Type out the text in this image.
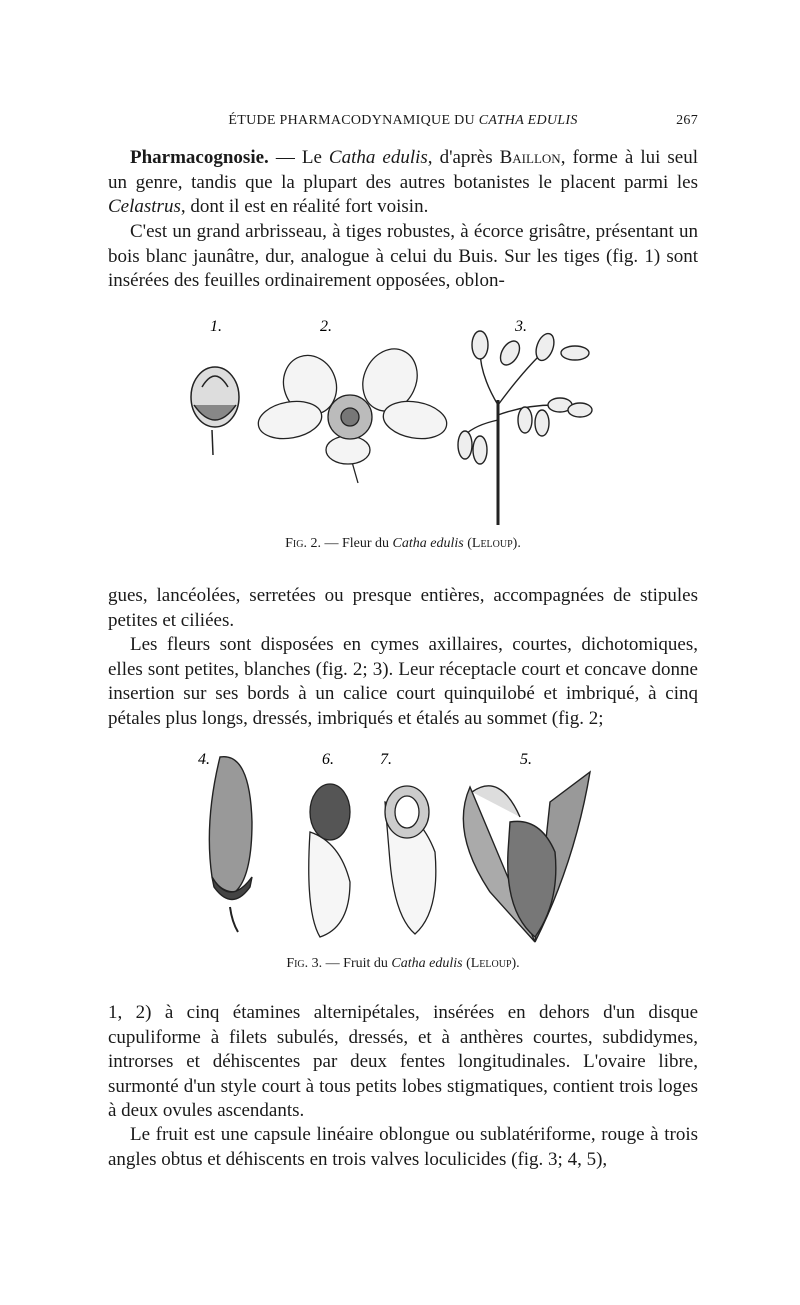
ÉTUDE PHARMACODYNAMIQUE DU CATHA EDULIS	267

Pharmacognosie. — Le Catha edulis, d'après Baillon, forme à lui seul un genre, tandis que la plupart des autres botanistes le placent parmi les Celastrus, dont il est en réalité fort voisin.

C'est un grand arbrisseau, à tiges robustes, à écorce grisâtre, présentant un bois blanc jaunâtre, dur, analogue à celui du Buis. Sur les tiges (fig. 1) sont insérées des feuilles ordinairement opposées, oblon-

1.	2.	3.
Fig. 2. — Fleur du Catha edulis (Leloup).

gues, lancéolées, serretées ou presque entières, accompagnées de stipules petites et ciliées.

Les fleurs sont disposées en cymes axillaires, courtes, dichotomiques, elles sont petites, blanches (fig. 2; 3). Leur réceptacle court et concave donne insertion sur ses bords à un calice court quinquilobé et imbriqué, à cinq pétales plus longs, dressés, imbriqués et étalés au sommet (fig. 2;

4.	6.	7.	5.
Fig. 3. — Fruit du Catha edulis (Leloup).

1, 2) à cinq étamines alternipétales, insérées en dehors d'un disque cupuliforme à filets subulés, dressés, et à anthères courtes, subdidymes, introrses et déhiscentes par deux fentes longitudinales. L'ovaire libre, surmonté d'un style court à tous petits lobes stigmatiques, contient trois loges à deux ovules ascendants.

Le fruit est une capsule linéaire oblongue ou sublatériforme, rouge à trois angles obtus et déhiscents en trois valves loculicides (fig. 3; 4, 5),
